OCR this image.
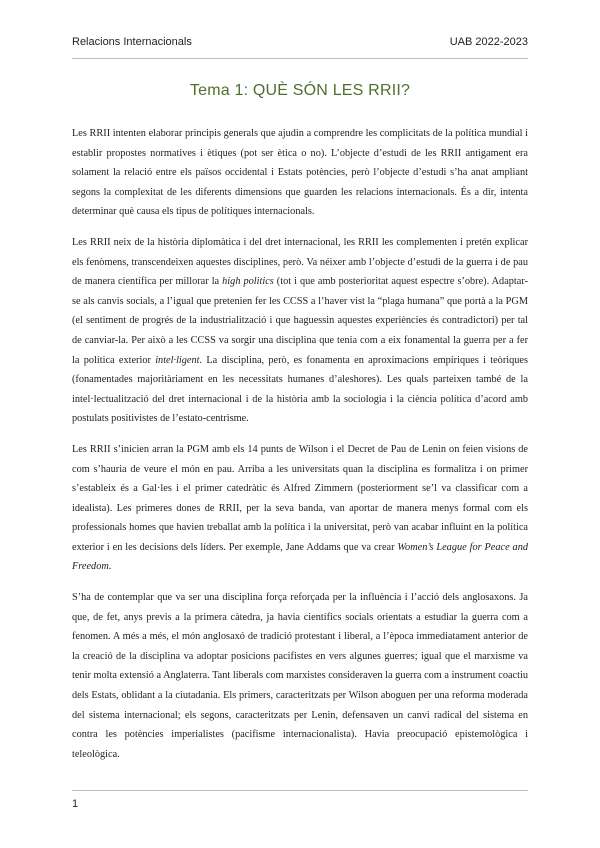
Relacions Internacionals	UAB 2022-2023
Tema 1: QUÈ SÓN LES RRII?

Les RRII intenten elaborar principis generals que ajudin a comprendre les complicitats de la política mundial i establir propostes normatives i ètiques (pot ser ètica o no). L’objecte d’estudi de les RRII antigament era solament la relació entre els països occidental i Estats potències, però l’objecte d’estudi s’ha anat ampliant segons la complexitat de les diferents dimensions que guarden les relacions internacionals. És a dir, intenta determinar què causa els tipus de polítiques internacionals.

Les RRII neix de la història diplomàtica i del dret internacional, les RRII les complementen i pretén explicar els fenòmens, transcendeixen aquestes disciplines, però. Va néixer amb l’objecte d’estudi de la guerra i de pau de manera científica per millorar la high politics (tot i que amb posterioritat aquest espectre s’obre). Adaptar-se als canvis socials, a l’igual que pretenien fer les CCSS a l’haver vist la “plaga humana” que portà a la PGM (el sentiment de progrés de la industrialització i que haguessin aquestes experiències és contradictori) per tal de canviar-la. Per això a les CCSS va sorgir una disciplina que tenia com a eix fonamental la guerra per a fer la política exterior intel·ligent. La disciplina, però, es fonamenta en aproximacions empíriques i teòriques (fonamentades majoritàriament en les necessitats humanes d’aleshores). Les quals parteixen també de la intel·lectualització del dret internacional i de la història amb la sociologia i la ciència política d’acord amb postulats positivistes de l’estato-centrisme.

Les RRII s’inicien arran la PGM amb els 14 punts de Wilson i el Decret de Pau de Lenin on feien visions de com s’hauria de veure el món en pau. Arriba a les universitats quan la disciplina es formalitza i on primer s’estableix és a Gal·les i el primer catedràtic és Alfred Zimmern (posteriorment se’l va classificar com a idealista). Les primeres dones de RRII, per la seva banda, van aportar de manera menys formal com els professionals homes que havien treballat amb la política i la universitat, però van acabar influint en la política exterior i en les decisions dels líders. Per exemple, Jane Addams que va crear Women’s League for Peace and Freedom.

S’ha de contemplar que va ser una disciplina força reforçada per la influència i l’acció dels anglosaxons. Ja que, de fet, anys previs a la primera càtedra, ja havia científics socials orientats a estudiar la guerra com a fenomen. A més a més, el món anglosaxó de tradició protestant i liberal, a l’època immediatament anterior de la creació de la disciplina va adoptar posicions pacifistes en vers algunes guerres; igual que el marxisme va tenir molta extensió a Anglaterra. Tant liberals com marxistes consideraven la guerra com a instrument coactiu dels Estats, oblidant a la ciutadania. Els primers, caracteritzats per Wilson aboguen per una reforma moderada del sistema internacional; els segons, caracteritzats per Lenin, defensaven un canvi radical del sistema en contra les potències imperialistes (pacifisme internacionalista). Havia preocupació epistemològica i teleològica.

1
